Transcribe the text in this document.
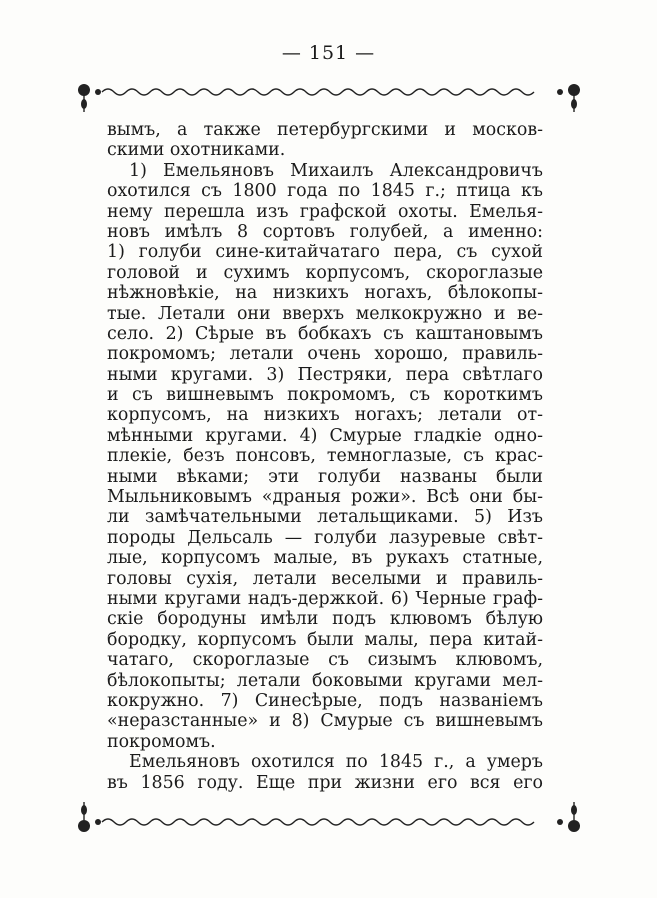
— 151 —
вымъ, а также петербургскими и москов-
скими охотниками.
1) Емельяновъ Михаилъ Александровичъ
охотился съ 1800 года по 1845 г.; птица къ
нему перешла изъ графской охоты. Емелья-
новъ имѣлъ 8 сортовъ голубей, а именно:
1) голуби сине-китайчатаго пера, съ сухой
головой и сухимъ корпусомъ, скороглазые
нѣжновѣкіе, на низкихъ ногахъ, бѣлокопы-
тые. Летали они вверхъ мелкокружно и ве-
село. 2) Сѣрые въ бобкахъ съ каштановымъ
покромомъ; летали очень хорошо, правиль-
ными кругами. 3) Пестряки, пера свѣтлаго
и съ вишневымъ покромомъ, съ короткимъ
корпусомъ, на низкихъ ногахъ; летали от-
мѣнными кругами. 4) Смурые гладкіе одно-
плекіе, безъ понсовъ, темноглазые, съ крас-
ными вѣками; эти голуби названы были
Мыльниковымъ «драныя рожи». Всѣ они бы-
ли замѣчательными летальщиками. 5) Изъ
породы Дельсаль — голуби лазуревые свѣт-
лые, корпусомъ малые, въ рукахъ статные,
головы сухія, летали веселыми и правиль-
ными кругами надъ-держкой. 6) Черные граф-
скіе бородуны имѣли подъ клювомъ бѣлую
бородку, корпусомъ были малы, пера китай-
чатаго, скороглазые съ сизымъ клювомъ,
бѣлокопыты; летали боковыми кругами мел-
кокружно. 7) Синесѣрые, подъ названіемъ
«неразстанные» и 8) Смурые съ вишневымъ
покромомъ.
Емельяновъ охотился по 1845 г., а умеръ
въ 1856 году. Еще при жизни его вся его
